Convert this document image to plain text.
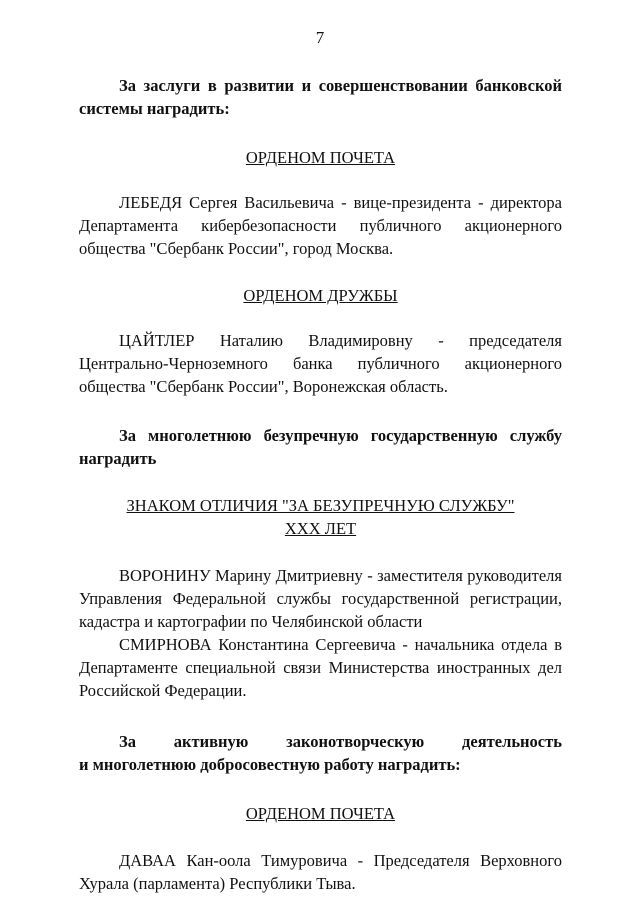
7

За заслуги в развитии и совершенствовании банковской системы наградить:

ОРДЕНОМ ПОЧЕТА

ЛЕБЕДЯ Сергея Васильевича - вице-президента - директора Департамента кибербезопасности публичного акционерного общества "Сбербанк России", город Москва.

ОРДЕНОМ ДРУЖБЫ

ЦАЙТЛЕР Наталию Владимировну - председателя Центрально-Черноземного банка публичного акционерного общества "Сбербанк России", Воронежская область.

За многолетнюю безупречную государственную службу наградить

ЗНАКОМ ОТЛИЧИЯ "ЗА БЕЗУПРЕЧНУЮ СЛУЖБУ"

XXX ЛЕТ

ВОРОНИНУ Марину Дмитриевну - заместителя руководителя Управления Федеральной службы государственной регистрации, кадастра и картографии по Челябинской области

СМИРНОВА Константина Сергеевича - начальника отдела в Департаменте специальной связи Министерства иностранных дел Российской Федерации.

За активную законотворческую деятельность

и многолетнюю добросовестную работу наградить:

ОРДЕНОМ ПОЧЕТА

ДАВАА Кан-оола Тимуровича - Председателя Верховного Хурала (парламента) Республики Тыва.
